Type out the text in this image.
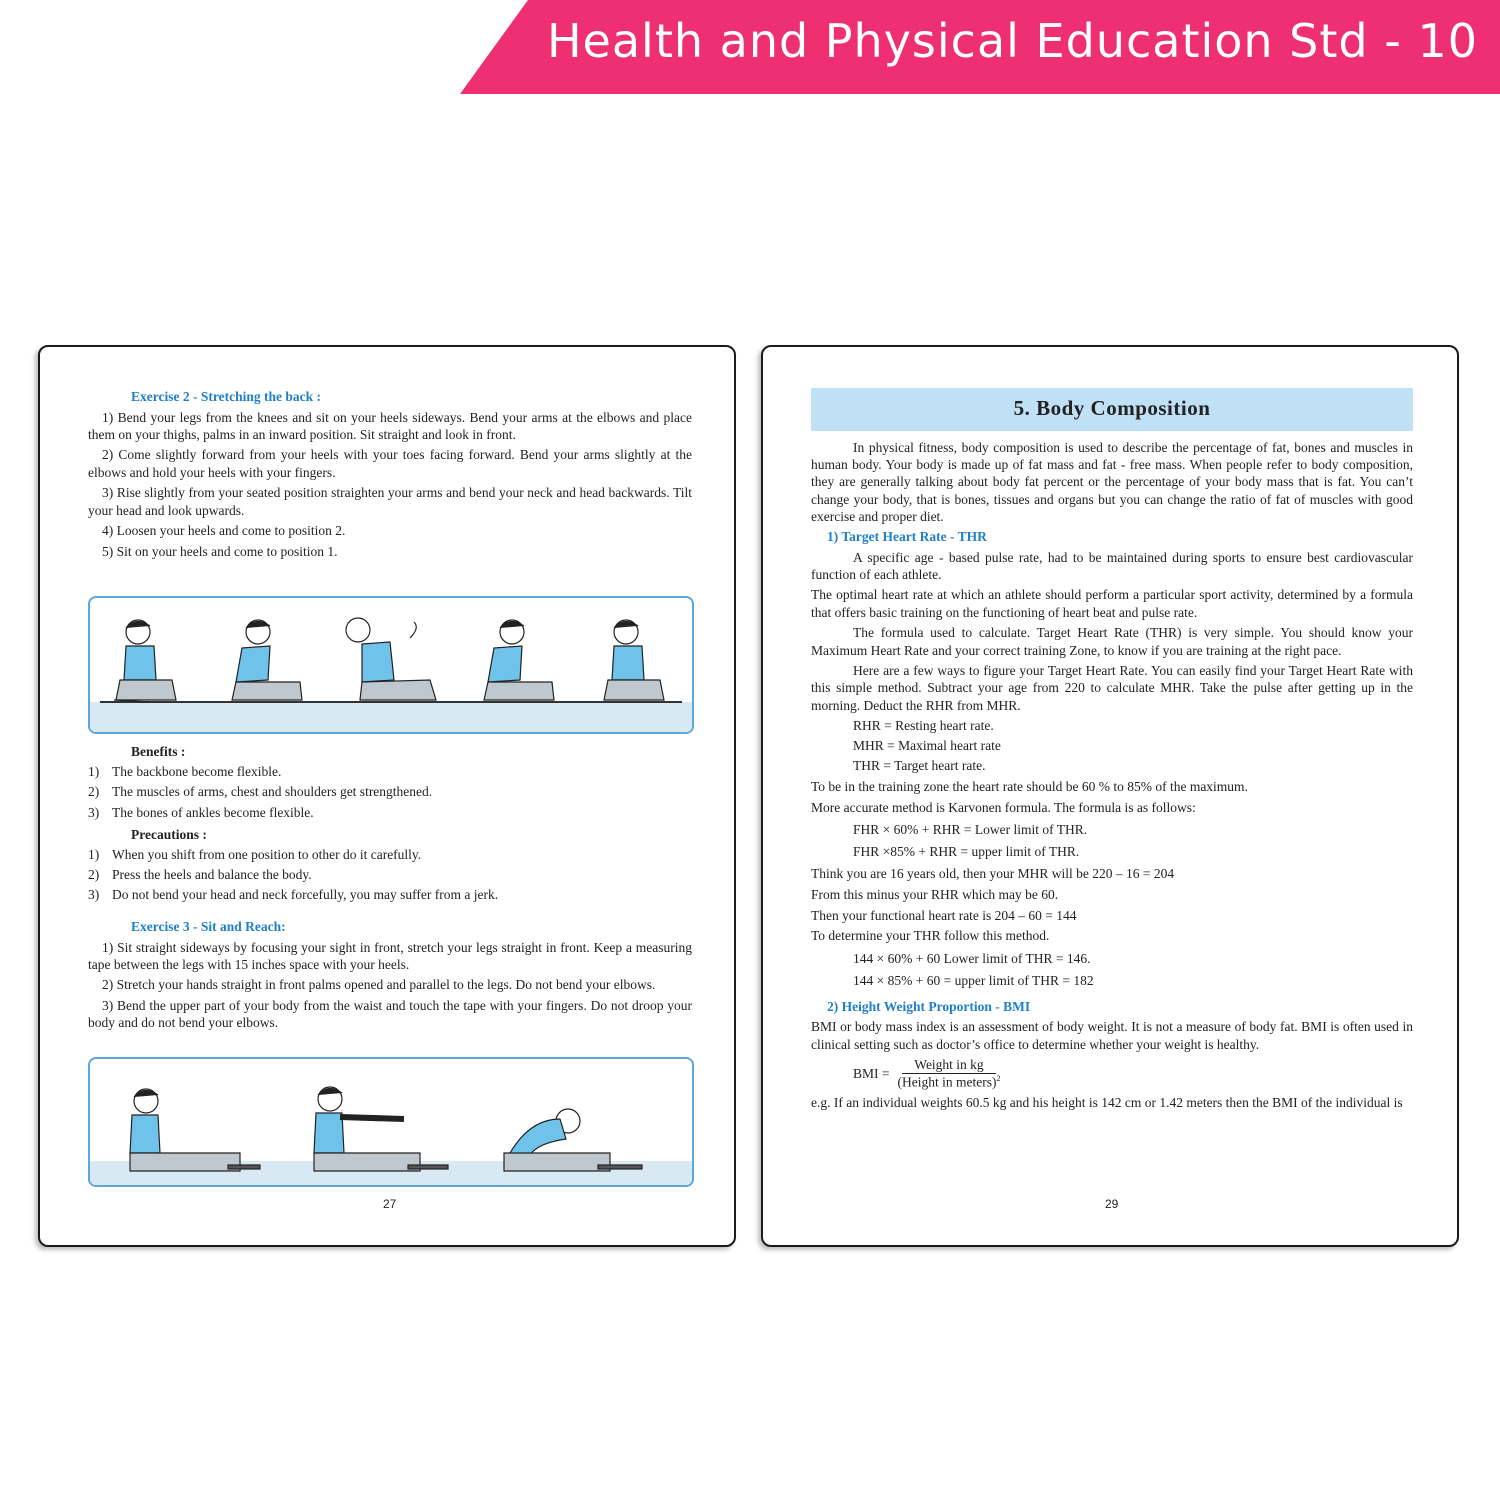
Health and Physical Education Std - 10
Exercise 2 - Stretching the back :

1) Bend your legs from the knees and sit on your heels sideways. Bend your arms at the elbows and place them on your thighs, palms in an inward position. Sit straight and look in front.

2) Come slightly forward from your heels with your toes facing forward. Bend your arms slightly at the elbows and hold your heels with your fingers.

3) Rise slightly from your seated position straighten your arms and bend your neck and head backwards. Tilt your head and look upwards.

4) Loosen your heels and come to position 2.

5) Sit on your heels and come to position 1.

Benefits :
1) The backbone become flexible.
2) The muscles of arms, chest and shoulders get strengthened.
3) The bones of ankles become flexible.
Precautions :
1) When you shift from one position to other do it carefully.
2) Press the heels and balance the body.
3) Do not bend your head and neck forcefully, you may suffer from a jerk.
Exercise 3 - Sit and Reach:

1) Sit straight sideways by focusing your sight in front, stretch your legs straight in front. Keep a measuring tape between the legs with 15 inches space with your heels.

2) Stretch your hands straight in front palms opened and parallel to the legs. Do not bend your elbows.

3) Bend the upper part of your body from the waist and touch the tape with your fingers. Do not droop your body and do not bend your elbows.

27
5. Body Composition

In physical fitness, body composition is used to describe the percentage of fat, bones and muscles in human body. Your body is made up of fat mass and fat - free mass. When people refer to body composition, they are generally talking about body fat percent or the percentage of your body mass that is fat. You can’t change your body, that is bones, tissues and organs but you can change the ratio of fat of muscles with good exercise and proper diet.

1) Target Heart Rate - THR

A specific age - based pulse rate, had to be maintained during sports to ensure best cardiovascular function of each athlete.

The optimal heart rate at which an athlete should perform a particular sport activity, determined by a formula that offers basic training on the functioning of heart beat and pulse rate.

The formula used to calculate. Target Heart Rate (THR) is very simple. You should know your Maximum Heart Rate and your correct training Zone, to know if you are training at the right pace.

Here are a few ways to figure your Target Heart Rate. You can easily find your Target Heart Rate with this simple method. Subtract your age from 220 to calculate MHR. Take the pulse after getting up in the morning. Deduct the RHR from MHR.

RHR = Resting heart rate.
MHR = Maximal heart rate
THR = Target heart rate.

To be in the training zone the heart rate should be 60 % to 85% of the maximum.

More accurate method is Karvonen formula. The formula is as follows:

FHR × 60% + RHR = Lower limit of THR.
FHR ×85% + RHR = upper limit of THR.

Think you are 16 years old, then your MHR will be 220 – 16 = 204

From this minus your RHR which may be 60.

Then your functional heart rate is 204 – 60 = 144

To determine your THR follow this method.

144 × 60% + 60 Lower limit of THR = 146.
144 × 85% + 60 = upper limit of THR = 182
2) Height Weight Proportion - BMI

BMI or body mass index is an assessment of body weight. It is not a measure of body fat. BMI is often used in clinical setting such as doctor’s office to determine whether your weight is healthy.

BMI =
Weight in kg
(Height in meters)$^2$

e.g. If an individual weights 60.5 kg and his height is 142 cm or 1.42 meters then the BMI of the individual is

29
